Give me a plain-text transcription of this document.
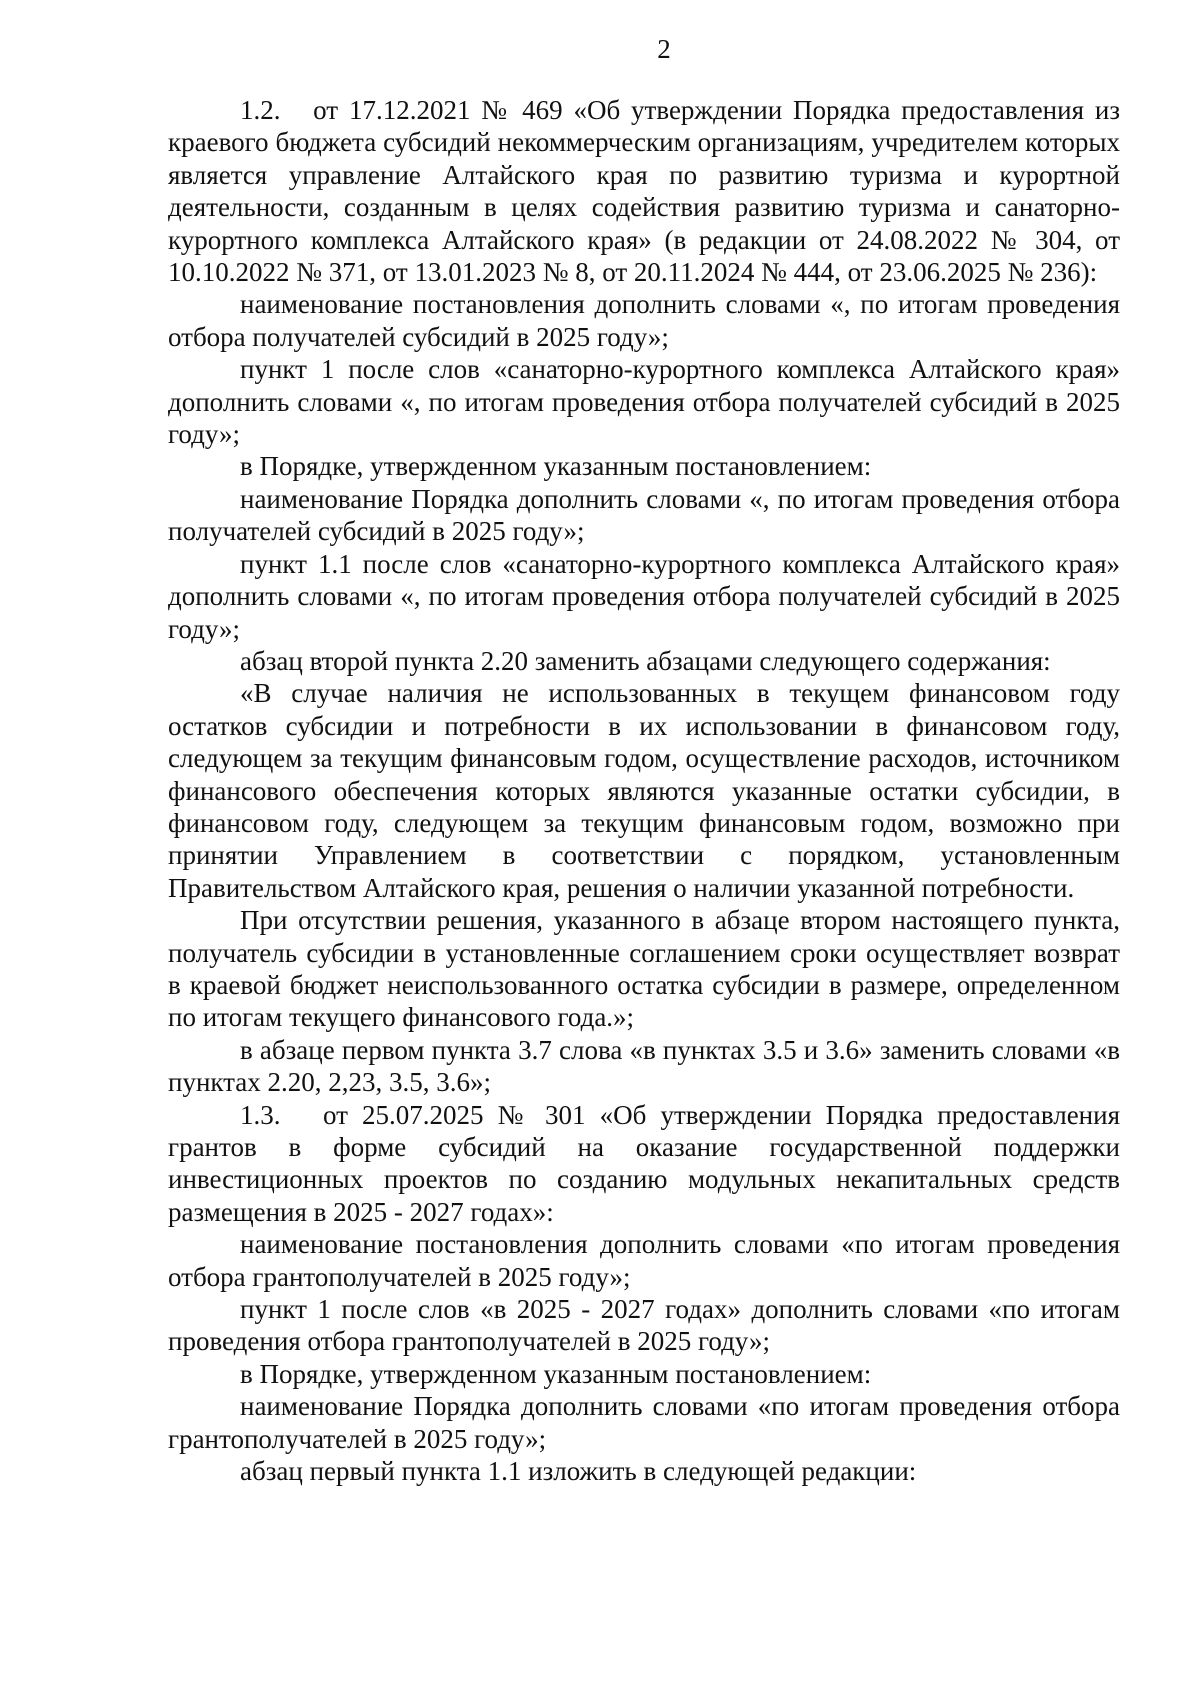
2

1.2.   от 17.12.2021 № 469 «Об утверждении Порядка предоставления из краевого бюджета субсидий некоммерческим организациям, учредителем которых является управление Алтайского края по развитию туризма и курортной деятельности, созданным в целях содействия развитию туризма и санаторно-курортного комплекса Алтайского края» (в редакции от 24.08.2022 № 304, от 10.10.2022 № 371, от 13.01.2023 № 8, от 20.11.2024 № 444, от 23.06.2025 № 236):

наименование постановления дополнить словами «, по итогам проведения отбора получателей субсидий в 2025 году»;

пункт 1 после слов «санаторно-курортного комплекса Алтайского края» дополнить словами «, по итогам проведения отбора получателей субсидий в 2025 году»;

в Порядке, утвержденном указанным постановлением:

наименование Порядка дополнить словами «, по итогам проведения отбора получателей субсидий в 2025 году»;

пункт 1.1 после слов «санаторно-курортного комплекса Алтайского края» дополнить словами «, по итогам проведения отбора получателей субсидий в 2025 году»;

абзац второй пункта 2.20 заменить абзацами следующего содержания:

«В случае наличия не использованных в текущем финансовом году остатков субсидии и потребности в их использовании в финансовом году, следующем за текущим финансовым годом, осуществление расходов, источником финансового обеспечения которых являются указанные остатки субсидии, в финансовом году, следующем за текущим финансовым годом, возможно при принятии Управлением в соответствии с порядком, установленным Правительством Алтайского края, решения о наличии указанной потребности.

При отсутствии решения, указанного в абзаце втором настоящего пункта, получатель субсидии в установленные соглашением сроки осуществляет возврат в краевой бюджет неиспользованного остатка субсидии в размере, определенном по итогам текущего финансового года.»;

в абзаце первом пункта 3.7 слова «в пунктах 3.5 и 3.6» заменить словами «в пунктах 2.20, 2,23, 3.5, 3.6»;

1.3.   от 25.07.2025 № 301 «Об утверждении Порядка предоставления грантов в форме субсидий на оказание государственной поддержки инвестиционных проектов по созданию модульных некапитальных средств размещения в 2025 - 2027 годах»:

наименование постановления дополнить словами «по итогам проведения отбора грантополучателей в 2025 году»;

пункт 1 после слов «в 2025 - 2027 годах» дополнить словами «по итогам проведения отбора грантополучателей в 2025 году»;

в Порядке, утвержденном указанным постановлением:

наименование Порядка дополнить словами «по итогам проведения отбора грантополучателей в 2025 году»;

абзац первый пункта 1.1 изложить в следующей редакции:
